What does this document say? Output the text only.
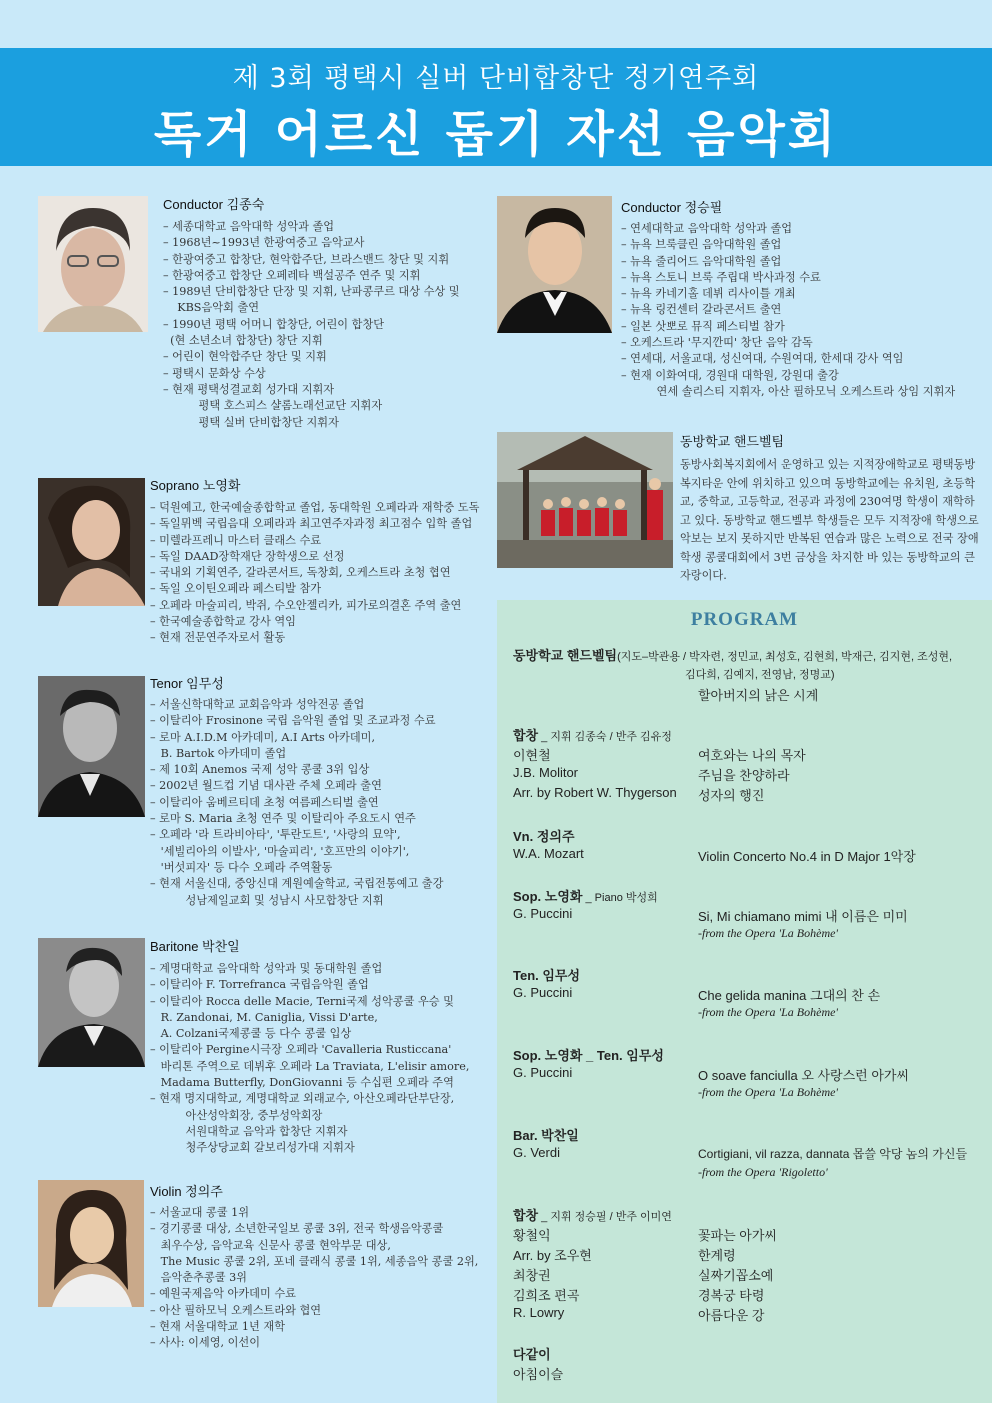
제 3회 평택시 실버 단비합창단 정기연주회
독거 어르신 돕기 자선 음악회
Conductor 김종숙
– 세종대학교 음악대학 성악과 졸업
– 1968년~1993년 한광여중고 음악교사
– 한광여중고 합창단, 현악합주단, 브라스밴드 창단 및 지휘
– 한광여중고 합창단 오페레타 백설공주 연주 및 지휘
– 1989년 단비합창단 단장 및 지휘, 난파콩쿠르 대상 수상 및
KBS음악회 출연
– 1990년 평택 어머니 합창단, 어린이 합창단
(현 소년소녀 합창단) 창단 지휘
– 어린이 현악합주단 창단 및 지휘
– 평택시 문화상 수상
– 현재 평택성결교회 성가대 지휘자
평택 호스피스 샬롬노래선교단 지휘자
평택 실버 단비합창단 지휘자
Soprano 노영화
– 덕원예고, 한국예술종합학교 졸업, 동대학원 오페라과 재학중 도독
– 독일뮈벡 국립음대 오페라과 최고연주자과정 최고점수 입학 졸업
– 미렐라프레니 마스터 클래스 수료
– 독일 DAAD장학재단 장학생으로 선정
– 국내외 기획연주, 갈라콘서트, 독창회, 오케스트라 초청 협연
– 독일 오이틴오페라 페스티발 참가
– 오페라 마술피리, 박쥐, 수오안젤리카, 피가로의결혼 주역 출연
– 한국예술종합학교 강사 역임
– 현재 전문연주자로서 활동
Tenor 임무성
– 서울신학대학교 교회음악과 성악전공 졸업
– 이탈리아 Frosinone 국립 음악원 졸업 및 조교과정 수료
– 로마 A.I.D.M 아카데미, A.I Arts 아카데미,
B. Bartok 아카데미 졸업
– 제 10회 Anemos 국제 성악 콩쿨 3위 입상
– 2002년 월드컵 기념 대사관 주체 오페라 출연
– 이탈리아 움베르티데 초청 여름페스티벌 출연
– 로마 S. Maria 초청 연주 및 이탈리아 주요도시 연주
– 오페라 '라 트라비아타', '투란도트', '사랑의 묘약',
'세빌리아의 이발사', '마술피리', '호프만의 이야기',
'버섯피자' 등 다수 오페라 주역활동
– 현재 서울신대, 중앙신대 계원예술학교, 국립전통예고 출강
성남제일교회 및 성남시 사모합창단 지휘
Baritone 박찬일
– 계명대학교 음악대학 성악과 및 동대학원 졸업
– 이탈리아 F. Torrefranca 국립음악원 졸업
– 이탈리아 Rocca delle Macie, Terni국제 성악콩쿨 우승 및
R. Zandonai, M. Caniglia, Vissi D'arte,
A. Colzani국제콩쿨 등 다수 콩쿨 입상
– 이탈리아 Pergine시극장 오페라 'Cavalleria Rusticcana'
바리톤 주역으로 데뷔후 오페라 La Traviata, L'elisir amore,
Madama Butterfly, DonGiovanni 등 수십편 오페라 주역
– 현재 명지대학교, 계명대학교 외래교수, 아산오페라단부단장,
아산성악회장, 중부성악회장
서원대학교 음악과 합창단 지휘자
청주상당교회 갈보리성가대 지휘자
Violin 정의주
– 서울교대 콩쿨 1위
– 경기콩쿨 대상, 소년한국일보 콩쿨 3위, 전국 학생음악콩쿨
최우수상, 음악교육 신문사 콩쿨 현악부문 대상,
The Music 콩쿨 2위, 포네 클래식 콩쿨 1위, 세종음악 콩쿨 2위,
음악춘추콩쿨 3위
– 예원국제음악 아카데미 수료
– 아산 필하모닉 오케스트라와 협연
– 현재 서울대학교 1년 재학
– 사사: 이세영, 이선이
Conductor 정승필
– 연세대학교 음악대학 성악과 졸업
– 뉴욕 브룩클린 음악대학원 졸업
– 뉴욕 줄리어드 음악대학원 졸업
– 뉴욕 스토니 브룩 주립대 박사과정 수료
– 뉴욕 카네기홀 데뷔 리사이틀 개최
– 뉴욕 링컨센터 갈라콘서트 출연
– 일본 삿뽀로 뮤직 페스티벌 참가
– 오케스트라 '무지깐띠' 창단 음악 감독
– 연세대, 서울교대, 성신여대, 수원여대, 한세대 강사 역임
– 현재 이화여대, 경원대 대학원, 강원대 출강
연세 솔리스티 지휘자, 아산 필하모닉 오케스트라 상임 지휘자
동방학교 핸드벨팀

동방사회복지회에서 운영하고 있는 지적장애학교로 평택동방복지타운 안에 위치하고 있으며 동방학교에는 유치원, 초등학교, 중학교, 고등학교, 전공과 과정에 230여명 학생이 재학하고 있다. 동방학교 핸드벨부 학생들은 모두 지적장애 학생으로 악보는 보지 못하지만 반복된 연습과 많은 노력으로 전국 장애학생 콩쿨대회에서 3번 금상을 차지한 바 있는 동방학교의 큰 자랑이다.

PROGRAM
동방학교 핸드벨팀(지도–박관용 / 박자련, 정민교, 최성호, 김현희, 박재근, 김지현, 조성현,
김다희, 김예지, 전영남, 정명교)
할아버지의 낡은 시계
합창 _ 지휘 김종숙 / 반주 김유정
이현철	여호와는 나의 목자
J.B. Molitor	주님을 찬양하라
Arr. by Robert W. Thygerson 성자의 행진
Vn. 정의주
W.A. Mozart	Violin Concerto No.4 in D Major 1악장
Sop. 노영화 _ Piano 박성희
G. Puccini	Si, Mi chiamano mimi 내 이름은 미미
-from the Opera 'La Bohème'
Ten. 임무성
G. Puccini	Che gelida manina 그대의 찬 손
-from the Opera 'La Bohème'
Sop. 노영화 _ Ten. 임무성
G. Puccini	O soave fanciulla 오 사랑스런 아가씨
-from the Opera 'La Bohème'
Bar. 박찬일
G. Verdi	Cortigiani, vil razza, dannata 몹쓸 악당 놈의 가신들
-from the Opera 'Rigoletto'
합창 _ 지휘 정승필 / 반주 이미연
황철익	꽃파는 아가씨
Arr. by 조우현	한계령
최창권	실짜기꼽소예
김희조 편곡	경복궁 타령
R. Lowry	아름다운 강
다같이
아침이슬
